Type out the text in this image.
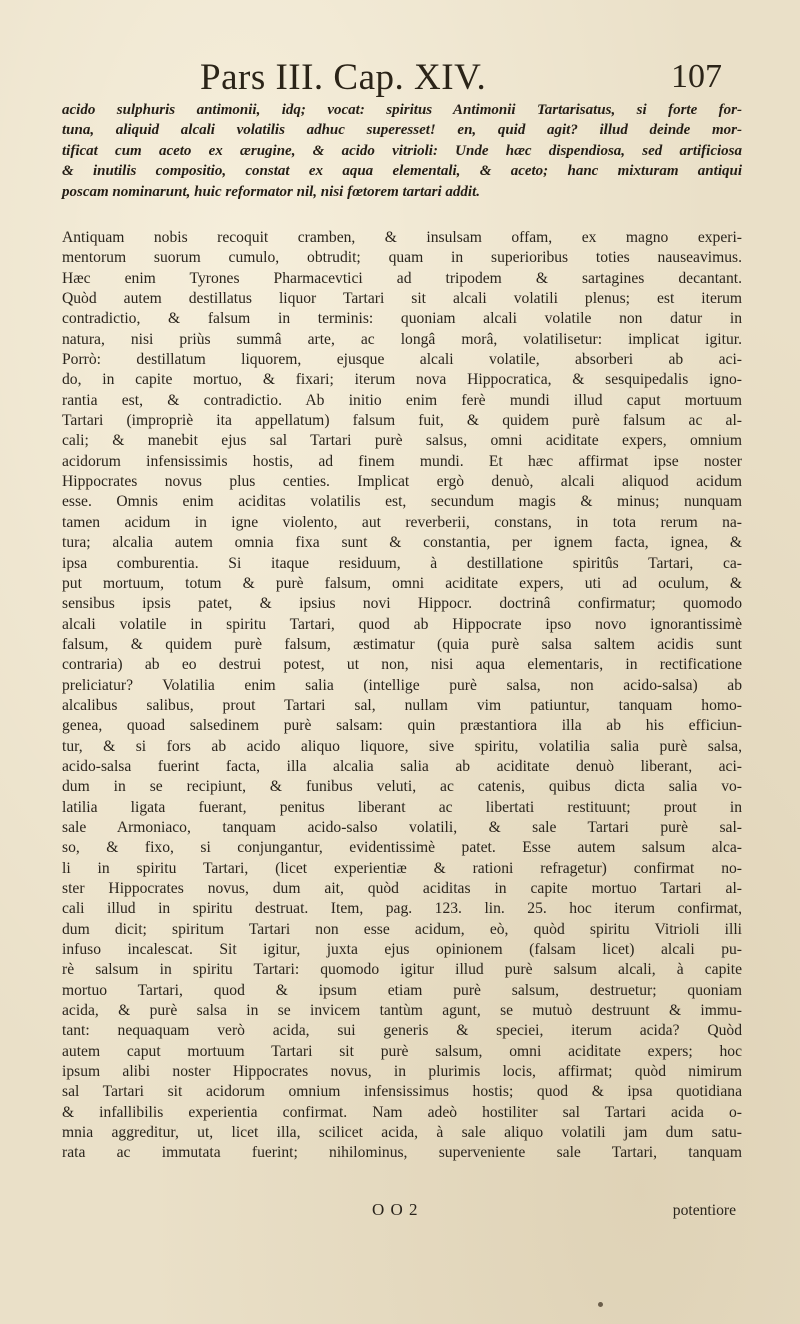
Pars III. Cap. XIV.	107
acido sulphuris antimonii, idq; vocat: spiritus Antimonii Tartarisatus, si forte for-
tuna, aliquid alcali volatilis adhuc superesset! en, quid agit? illud deinde mor-
tificat cum aceto ex ærugine, & acido vitrioli: Unde hæc dispendiosa, sed artificiosa
& inutilis compositio, constat ex aqua elementali, & aceto; hanc mixturam antiqui
poscam nominarunt, huic reformator nil, nisi fœtorem tartari addit.
Antiquam nobis recoquit cramben, & insulsam offam, ex magno experi-
mentorum suorum cumulo, obtrudit; quam in superioribus toties nauseavimus.
Hæc enim Tyrones Pharmacevtici ad tripodem & sartagines decantant.
Quòd autem destillatus liquor Tartari sit alcali volatili plenus; est iterum
contradictio, & falsum in terminis: quoniam alcali volatile non datur in
natura, nisi priùs summâ arte, ac longâ morâ, volatilisetur: implicat igitur.
Porrò: destillatum liquorem, ejusque alcali volatile, absorberi ab aci-
do, in capite mortuo, & fixari; iterum nova Hippocratica, & sesquipedalis igno-
rantia est, & contradictio. Ab initio enim ferè mundi illud caput mortuum
Tartari (impropriè ita appellatum) falsum fuit, & quidem purè falsum ac al-
cali; & manebit ejus sal Tartari purè salsus, omni aciditate expers, omnium
acidorum infensissimis hostis, ad finem mundi. Et hæc affirmat ipse noster
Hippocrates novus plus centies. Implicat ergò denuò, alcali aliquod acidum
esse. Omnis enim aciditas volatilis est, secundum magis & minus; nunquam
tamen acidum in igne violento, aut reverberii, constans, in tota rerum na-
tura; alcalia autem omnia fixa sunt & constantia, per ignem facta, ignea, &
ipsa comburentia. Si itaque residuum, à destillatione spiritûs Tartari, ca-
put mortuum, totum & purè falsum, omni aciditate expers, uti ad oculum, &
sensibus ipsis patet, & ipsius novi Hippocr. doctrinâ confirmatur; quomodo
alcali volatile in spiritu Tartari, quod ab Hippocrate ipso novo ignorantissimè
falsum, & quidem purè falsum, æstimatur (quia purè salsa saltem acidis sunt
contraria) ab eo destrui potest, ut non, nisi aqua elementaris, in rectificatione
preliciatur? Volatilia enim salia (intellige purè salsa, non acido-salsa) ab
alcalibus salibus, prout Tartari sal, nullam vim patiuntur, tanquam homo-
genea, quoad salsedinem purè salsam: quin præstantiora illa ab his efficiun-
tur, & si fors ab acido aliquo liquore, sive spiritu, volatilia salia purè salsa,
acido-salsa fuerint facta, illa alcalia salia ab aciditate denuò liberant, aci-
dum in se recipiunt, & funibus veluti, ac catenis, quibus dicta salia vo-
latilia ligata fuerant, penitus liberant ac libertati restituunt; prout in
sale Armoniaco, tanquam acido-salso volatili, & sale Tartari purè sal-
so, & fixo, si conjungantur, evidentissimè patet. Esse autem salsum alca-
li in spiritu Tartari, (licet experientiæ & rationi refragetur) confirmat no-
ster Hippocrates novus, dum ait, quòd aciditas in capite mortuo Tartari al-
cali illud in spiritu destruat. Item, pag. 123. lin. 25. hoc iterum confirmat,
dum dicit; spiritum Tartari non esse acidum, eò, quòd spiritu Vitrioli illi
infuso incalescat. Sit igitur, juxta ejus opinionem (falsam licet) alcali pu-
rè salsum in spiritu Tartari: quomodo igitur illud purè salsum alcali, à capite
mortuo Tartari, quod & ipsum etiam purè salsum, destruetur; quoniam
acida, & purè salsa in se invicem tantùm agunt, se mutuò destruunt & immu-
tant: nequaquam verò acida, sui generis & speciei, iterum acida? Quòd
autem caput mortuum Tartari sit purè salsum, omni aciditate expers; hoc
ipsum alibi noster Hippocrates novus, in plurimis locis, affirmat; quòd nimirum
sal Tartari sit acidorum omnium infensissimus hostis; quod & ipsa quotidiana
& infallibilis experientia confirmat. Nam adeò hostiliter sal Tartari acida o-
mnia aggreditur, ut, licet illa, scilicet acida, à sale aliquo volatili jam dum satu-
rata ac immutata fuerint; nihilominus, superveniente sale Tartari, tanquam
O O 2	potentiore
